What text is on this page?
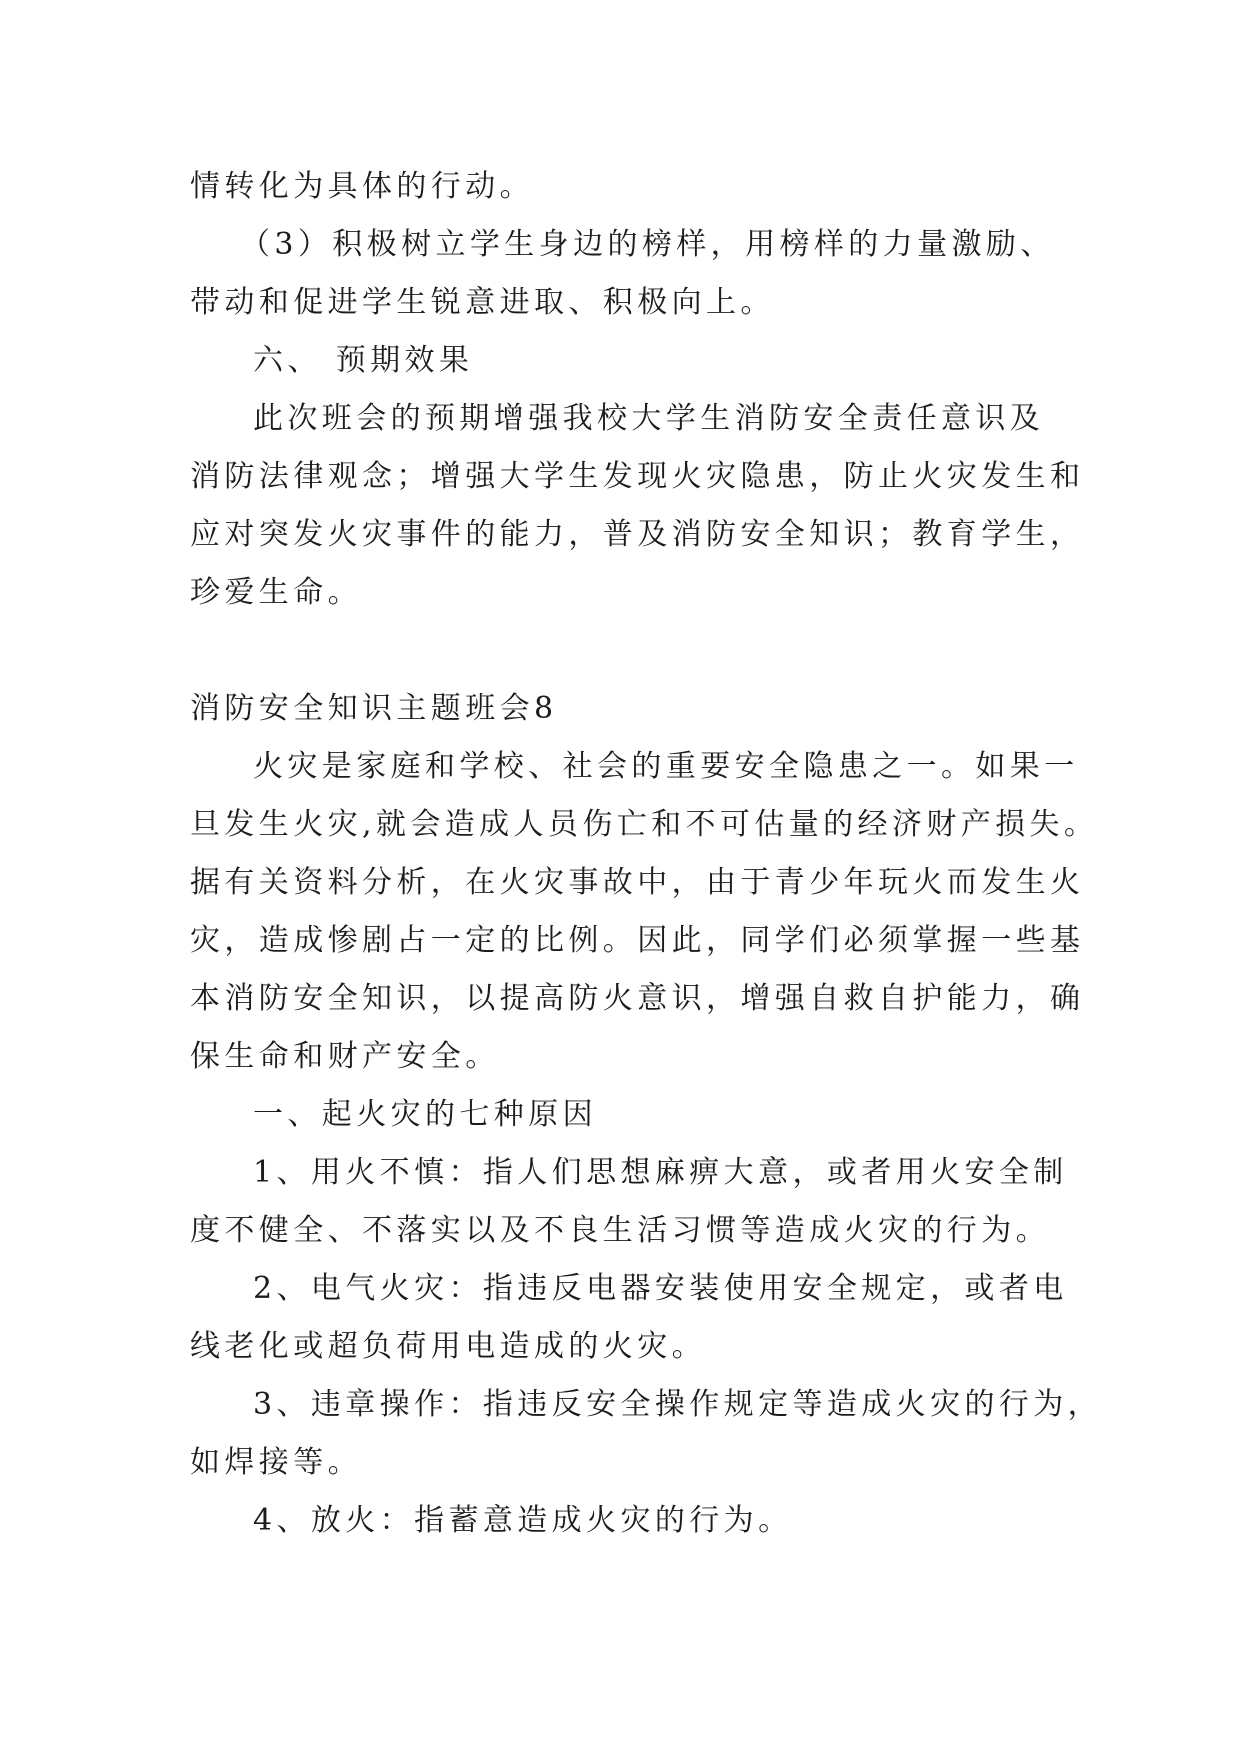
情转化为具体的行动。

（3）积极树立学生身边的榜样，用榜样的力量激励、

带动和促进学生锐意进取、积极向上。

六、 预期效果

此次班会的预期增强我校大学生消防安全责任意识及

消防法律观念；增强大学生发现火灾隐患，防止火灾发生和

应对突发火灾事件的能力，普及消防安全知识；教育学生，

珍爱生命。

消防安全知识主题班会8

火灾是家庭和学校、社会的重要安全隐患之一。如果一

旦发生火灾,就会造成人员伤亡和不可估量的经济财产损失。

据有关资料分析，在火灾事故中，由于青少年玩火而发生火

灾，造成惨剧占一定的比例。因此，同学们必须掌握一些基

本消防安全知识，以提高防火意识，增强自救自护能力，确

保生命和财产安全。

一、起火灾的七种原因

1、用火不慎：指人们思想麻痹大意，或者用火安全制

度不健全、不落实以及不良生活习惯等造成火灾的行为。

2、电气火灾：指违反电器安装使用安全规定，或者电

线老化或超负荷用电造成的火灾。

3、违章操作：指违反安全操作规定等造成火灾的行为，

如焊接等。

4、放火：指蓄意造成火灾的行为。
